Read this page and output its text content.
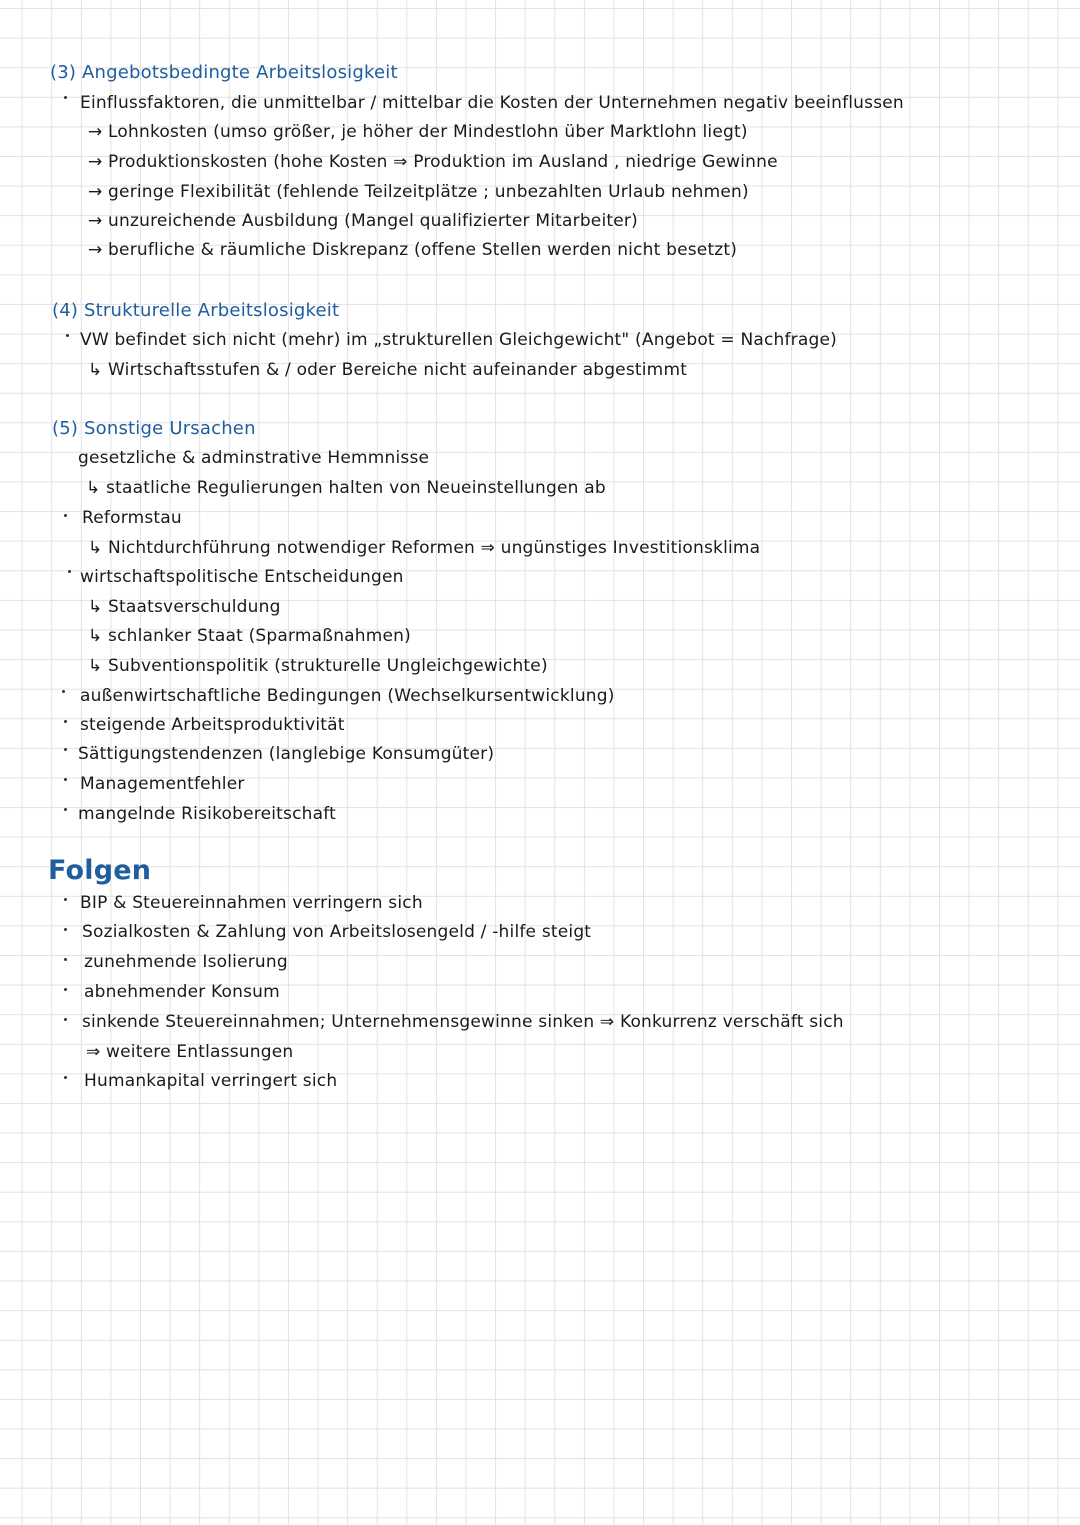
(3) Angebotsbedingte Arbeitslosigkeit
Einflussfaktoren, die unmittelbar / mittelbar die Kosten der Unternehmen negativ beeinflussen
→ Lohnkosten (umso größer, je höher der Mindestlohn über Marktlohn liegt)
→ Produktionskosten (hohe Kosten ⇒ Produktion im Ausland , niedrige Gewinne
→ geringe Flexibilität (fehlende Teilzeitplätze ; unbezahlten Urlaub nehmen)
→ unzureichende Ausbildung (Mangel qualifizierter Mitarbeiter)
→ berufliche & räumliche Diskrepanz (offene Stellen werden nicht besetzt)
(4) Strukturelle Arbeitslosigkeit
VW befindet sich nicht (mehr) im „strukturellen Gleichgewicht" (Angebot = Nachfrage)
↳ Wirtschaftsstufen & / oder Bereiche nicht aufeinander abgestimmt
(5) Sonstige Ursachen
gesetzliche & adminstrative Hemmnisse
↳ staatliche Regulierungen halten von Neueinstellungen ab
Reformstau
↳ Nichtdurchführung notwendiger Reformen ⇒ ungünstiges Investitionsklima
wirtschaftspolitische Entscheidungen
↳ Staatsverschuldung
↳ schlanker Staat (Sparmaßnahmen)
↳ Subventionspolitik (strukturelle Ungleichgewichte)
außenwirtschaftliche Bedingungen (Wechselkursentwicklung)
steigende Arbeitsproduktivität
Sättigungstendenzen (langlebige Konsumgüter)
Managementfehler
mangelnde Risikobereitschaft
Folgen
BIP & Steuereinnahmen verringern sich
Sozialkosten & Zahlung von Arbeitslosengeld / -hilfe steigt
zunehmende Isolierung
abnehmender Konsum
sinkende Steuereinnahmen; Unternehmensgewinne sinken ⇒ Konkurrenz verschäft sich
⇒ weitere Entlassungen
Humankapital verringert sich
